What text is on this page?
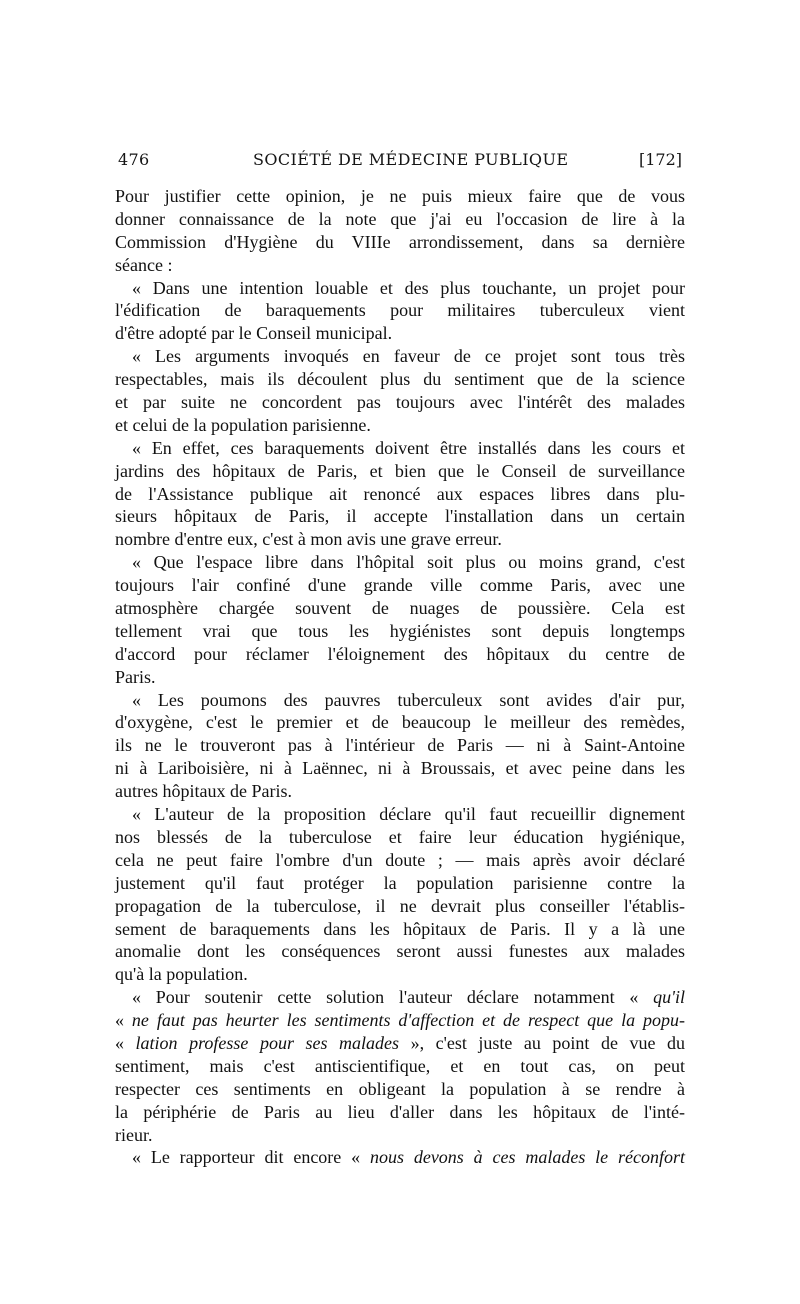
476	SOCIÉTÉ DE MÉDECINE PUBLIQUE	[172]
Pour justifier cette opinion, je ne puis mieux faire que de vous
donner connaissance de la note que j'ai eu l'occasion de lire à la
Commission d'Hygiène du VIIIe arrondissement, dans sa dernière
séance :
« Dans une intention louable et des plus touchante, un projet pour
l'édification de baraquements pour militaires tuberculeux vient
d'être adopté par le Conseil municipal.
« Les arguments invoqués en faveur de ce projet sont tous très
respectables, mais ils découlent plus du sentiment que de la science
et par suite ne concordent pas toujours avec l'intérêt des malades
et celui de la population parisienne.
« En effet, ces baraquements doivent être installés dans les cours et
jardins des hôpitaux de Paris, et bien que le Conseil de surveillance
de l'Assistance publique ait renoncé aux espaces libres dans plu-
sieurs hôpitaux de Paris, il accepte l'installation dans un certain
nombre d'entre eux, c'est à mon avis une grave erreur.
« Que l'espace libre dans l'hôpital soit plus ou moins grand, c'est
toujours l'air confiné d'une grande ville comme Paris, avec une
atmosphère chargée souvent de nuages de poussière. Cela est
tellement vrai que tous les hygiénistes sont depuis longtemps
d'accord pour réclamer l'éloignement des hôpitaux du centre de
Paris.
« Les poumons des pauvres tuberculeux sont avides d'air pur,
d'oxygène, c'est le premier et de beaucoup le meilleur des remèdes,
ils ne le trouveront pas à l'intérieur de Paris — ni à Saint-Antoine
ni à Lariboisière, ni à Laënnec, ni à Broussais, et avec peine dans les
autres hôpitaux de Paris.
« L'auteur de la proposition déclare qu'il faut recueillir dignement
nos blessés de la tuberculose et faire leur éducation hygiénique,
cela ne peut faire l'ombre d'un doute ; — mais après avoir déclaré
justement qu'il faut protéger la population parisienne contre la
propagation de la tuberculose, il ne devrait plus conseiller l'établis-
sement de baraquements dans les hôpitaux de Paris. Il y a là une
anomalie dont les conséquences seront aussi funestes aux malades
qu'à la population.
« Pour soutenir cette solution l'auteur déclare notamment « qu'il
« ne faut pas heurter les sentiments d'affection et de respect que la popu-
« lation professe pour ses malades », c'est juste au point de vue du
sentiment, mais c'est antiscientifique, et en tout cas, on peut
respecter ces sentiments en obligeant la population à se rendre à
la périphérie de Paris au lieu d'aller dans les hôpitaux de l'inté-
rieur.
« Le rapporteur dit encore « nous devons à ces malades le réconfort
